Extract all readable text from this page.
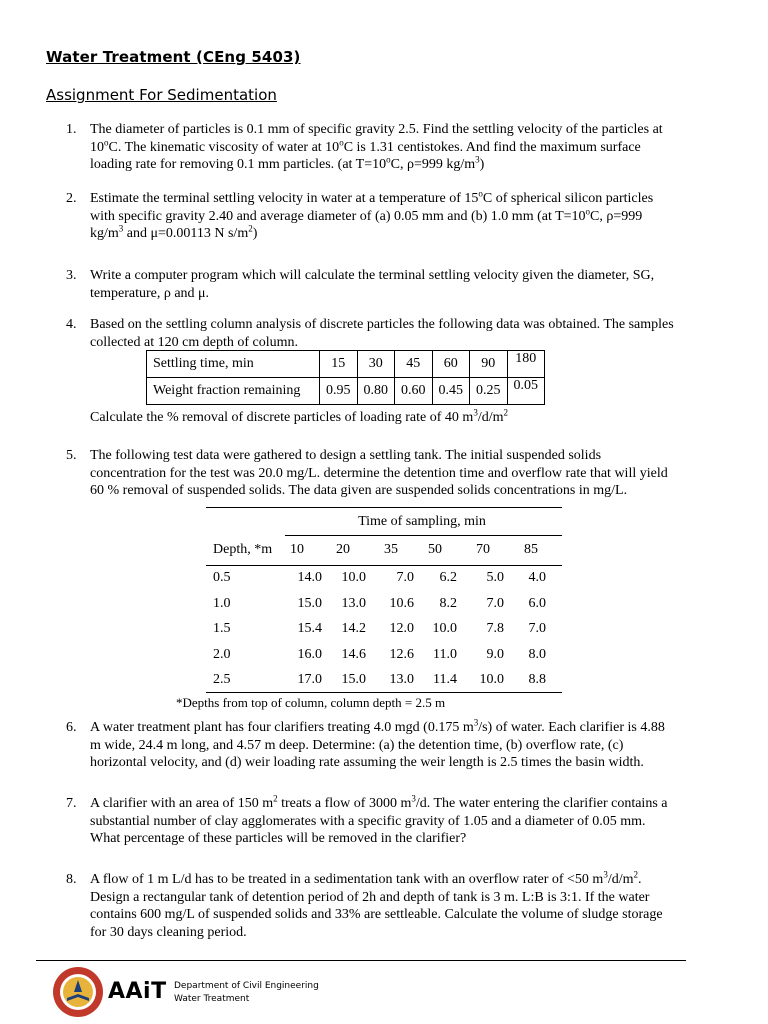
Water Treatment (CEng 5403)
Assignment For Sedimentation
1. The diameter of particles is 0.1 mm of specific gravity 2.5. Find the settling velocity of the particles at
10$^o$C. The kinematic viscosity of water at 10$^o$C is 1.31 centistokes. And find the maximum surface
loading rate for removing 0.1 mm particles. (at $T=10^oC$, ρ=999 $kg/m^3$)
2. Estimate the terminal settling velocity in water at a temperature of 15$^o$C of spherical silicon particles
with specific gravity 2.40 and average diameter of (a) 0.05 mm and (b) 1.0 mm (at $T=10^oC$, ρ=999
$kg/m^3$ and μ=0.00113 N $s/m^2$)
3. Write a computer program which will calculate the terminal settling velocity given the diameter, SG,
temperature, ρ and μ.
4. Based on the settling column analysis of discrete particles the following data was obtained. The samples
collected at 120 cm depth of column.
Settling time, min	15	30	45	60	90	180
Weight fraction remaining	0.95	0.80	0.60	0.45	0.25	0.05
Calculate the % removal of discrete particles of loading rate of 40 $m^3/d/m^2$
5. The following test data were gathered to design a settling tank. The initial suspended solids
concentration for the test was 20.0 mg/L. determine the detention time and overflow rate that will yield
60 % removal of suspended solids. The data given are suspended solids concentrations in mg/L.
Time of sampling, min
Depth, *m 10 20 35 50 70 85
0.5	14.0 10.0 7.0 6.2 5.0 4.0
1.0	15.0 13.0 10.6 8.2 7.0 6.0
1.5	15.4 14.2 12.0 10.0 7.8 7.0
2.0	16.0 14.6 12.6 11.0 9.0 8.0
2.5	17.0 15.0 13.0 11.4 10.0 8.8
*Depths from top of column, column depth = 2.5 m
6. A water treatment plant has four clarifiers treating 4.0 mgd (0.175 $m^3/s$) of water. Each clarifier is 4.88
m wide, 24.4 m long, and 4.57 m deep. Determine: (a) the detention time, (b) overflow rate, (c)
horizontal velocity, and (d) weir loading rate assuming the weir length is 2.5 times the basin width.
7. A clarifier with an area of 150 $m^2$ treats a flow of 3000 $m^3/d$. The water entering the clarifier contains a
substantial number of clay agglomerates with a specific gravity of 1.05 and a diameter of 0.05 mm.
What percentage of these particles will be removed in the clarifier?
8. A flow of 1 m L/d has to be treated in a sedimentation tank with an overflow rater of <50 $m^3/d/m^2$.
Design a rectangular tank of detention period of 2h and depth of tank is 3 m. L:B is 3:1. If the water
contains 600 mg/L of suspended solids and 33% are settleable. Calculate the volume of sludge storage
for 30 days cleaning period.
AAiT Department of Civil Engineering
Water Treatment
